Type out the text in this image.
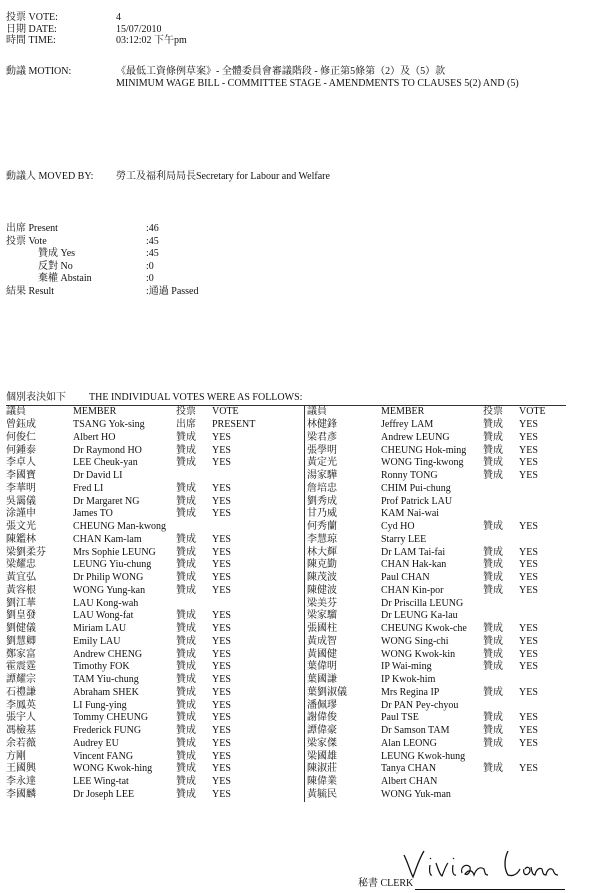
投票 VOTE:	4
日期 DATE:	15/07/2010
時間 TIME:	03:12:02 下午pm
動議 MOTION:	《最低工資條例草案》- 全體委員會審議階段 - 修正第5條第（2）及（5）款
MINIMUM WAGE BILL - COMMITTEE STAGE - AMENDMENTS TO CLAUSES 5(2) AND (5)
動議人 MOVED BY:	勞工及福利局局長Secretary for Labour and Welfare
出席 Present	:46
投票 Vote	:45
贊成 Yes	:45
反對 No	:0
棄權 Abstain	:0
結果 Result	:通過 Passed
個別表決如下 THE INDIVIDUAL VOTES WERE AS FOLLOWS:
議員	MEMBER	投票 VOTE
曾鈺成	TSANG Yok-sing	出席 PRESENT
何俊仁	Albert HO	贊成 YES
何鍾泰	Dr Raymond HO	贊成 YES
李卓人	LEE Cheuk-yan	贊成 YES
李國寶	Dr David LI
李華明	Fred LI	贊成 YES
吳靄儀	Dr Margaret NG	贊成 YES
涂謹申	James TO	贊成 YES
張文光	CHEUNG Man-kwong
陳鑑林	CHAN Kam-lam	贊成 YES
梁劉柔芬	Mrs Sophie LEUNG 贊成 YES
梁耀忠	LEUNG Yiu-chung 贊成 YES
黃宜弘	Dr Philip WONG	贊成 YES
黃容根	WONG Yung-kan	贊成 YES
劉江華	LAU Kong-wah
劉皇發	LAU Wong-fat	贊成 YES
劉健儀	Miriam LAU	贊成 YES
劉慧卿	Emily LAU	贊成 YES
鄭家富	Andrew CHENG	贊成 YES
霍震霆	Timothy FOK	贊成 YES
譚耀宗	TAM Yiu-chung	贊成 YES
石禮謙	Abraham SHEK	贊成 YES
李鳳英	LI Fung-ying	贊成 YES
張宇人	Tommy CHEUNG	贊成 YES
馮檢基	Frederick FUNG	贊成 YES
余若薇	Audrey EU	贊成 YES
方剛	Vincent FANG	贊成 YES
王國興	WONG Kwok-hing 贊成 YES
李永達	LEE Wing-tat	贊成 YES
李國麟	Dr Joseph LEE	贊成 YES
議員	MEMBER	投票 VOTE
林健鋒	Jeffrey LAM	贊成 YES
梁君彥	Andrew LEUNG	贊成 YES
張學明	CHEUNG Hok-ming 贊成 YES
黃定光	WONG Ting-kwong 贊成 YES
湯家驊	Ronny TONG	贊成 YES
詹培忠	CHIM Pui-chung
劉秀成	Prof Patrick LAU
甘乃威	KAM Nai-wai
何秀蘭	Cyd HO	贊成 YES
李慧琼	Starry LEE
林大輝	Dr LAM Tai-fai	贊成 YES
陳克勤	CHAN Hak-kan	贊成 YES
陳茂波	Paul CHAN	贊成 YES
陳健波	CHAN Kin-por	贊成 YES
梁美芬	Dr Priscilla LEUNG
梁家騮	Dr LEUNG Ka-lau
張國柱	CHEUNG Kwok-che 贊成 YES
黃成智	WONG Sing-chi	贊成 YES
黃國健	WONG Kwok-kin	贊成 YES
葉偉明	IP Wai-ming	贊成 YES
葉國謙	IP Kwok-him
葉劉淑儀	Mrs Regina IP	贊成 YES
潘佩璆	Dr PAN Pey-chyou
謝偉俊	Paul TSE	贊成 YES
譚偉豪	Dr Samson TAM	贊成 YES
梁家傑	Alan LEONG	贊成 YES
梁國雄	LEUNG Kwok-hung
陳淑莊	Tanya CHAN	贊成 YES
陳偉業	Albert CHAN
黃毓民	WONG Yuk-man
秘書 CLERK
